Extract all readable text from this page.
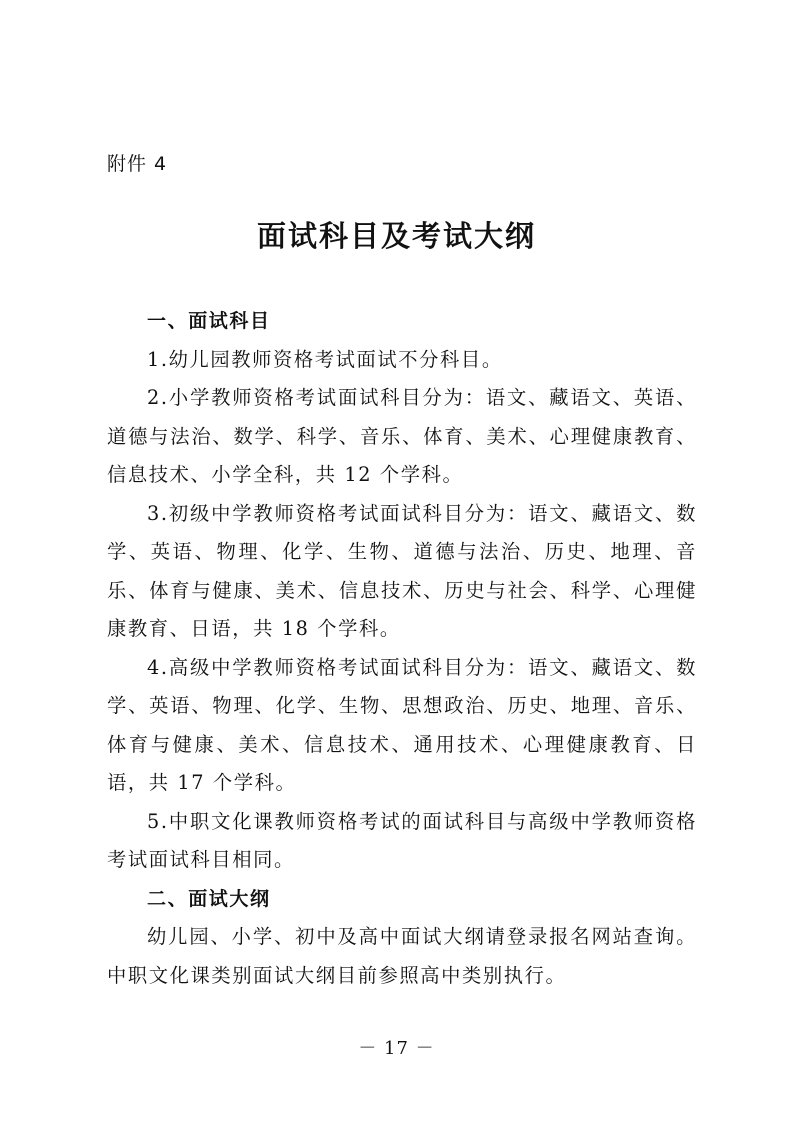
附件 4
面试科目及考试大纲

一、面试科目

1.幼儿园教师资格考试面试不分科目。

2.小学教师资格考试面试科目分为：语文、藏语文、英语、道德与法治、数学、科学、音乐、体育、美术、心理健康教育、信息技术、小学全科，共 12 个学科。

3.初级中学教师资格考试面试科目分为：语文、藏语文、数学、英语、物理、化学、生物、道德与法治、历史、地理、音乐、体育与健康、美术、信息技术、历史与社会、科学、心理健康教育、日语，共 18 个学科。

4.高级中学教师资格考试面试科目分为：语文、藏语文、数学、英语、物理、化学、生物、思想政治、历史、地理、音乐、体育与健康、美术、信息技术、通用技术、心理健康教育、日语，共 17 个学科。

5.中职文化课教师资格考试的面试科目与高级中学教师资格考试面试科目相同。

二、面试大纲

幼儿园、小学、初中及高中面试大纲请登录报名网站查询。中职文化课类别面试大纲目前参照高中类别执行。

－ 17 －
